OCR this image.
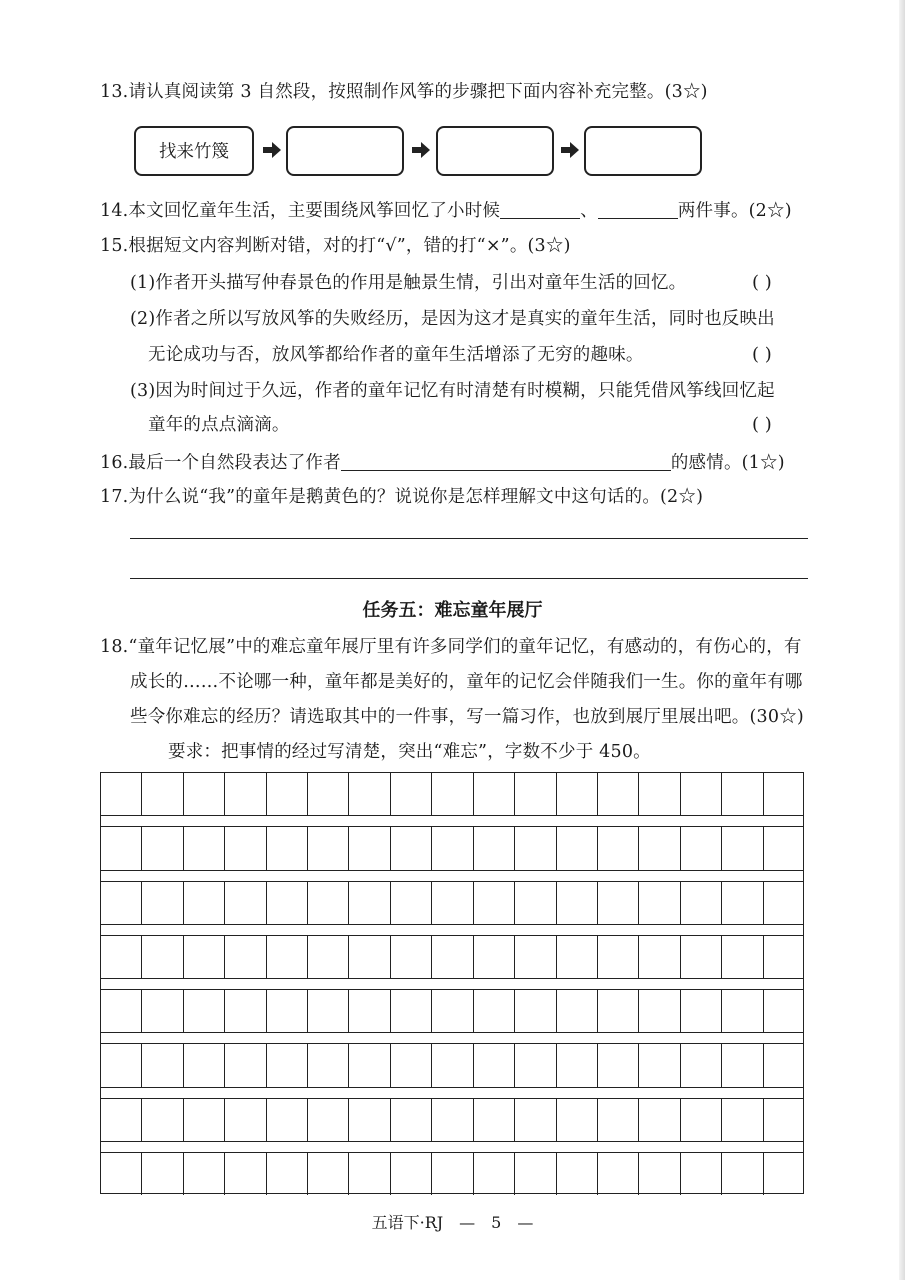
13.请认真阅读第 3 自然段，按照制作风筝的步骤把下面内容补充完整。(3☆)
找来竹篾
14.本文回忆童年生活，主要围绕风筝回忆了小时候	、	两件事。(2☆)
15.根据短文内容判断对错，对的打“√”，错的打“×”。(3☆)
(1)作者开头描写仲春景色的作用是触景生情，引出对童年生活的回忆。	( )
(2)作者之所以写放风筝的失败经历，是因为这才是真实的童年生活，同时也反映出
无论成功与否，放风筝都给作者的童年生活增添了无穷的趣味。	( )
(3)因为时间过于久远，作者的童年记忆有时清楚有时模糊，只能凭借风筝线回忆起
童年的点点滴滴。	( )
16.最后一个自然段表达了作者	的感情。(1☆)
17.为什么说“我”的童年是鹅黄色的？说说你是怎样理解文中这句话的。(2☆)
任务五：难忘童年展厅
18.“童年记忆展”中的难忘童年展厅里有许多同学们的童年记忆，有感动的，有伤心的，有
成长的……不论哪一种，童年都是美好的，童年的记忆会伴随我们一生。你的童年有哪
些令你难忘的经历？请选取其中的一件事，写一篇习作，也放到展厅里展出吧。(30☆)
要求：把事情的经过写清楚，突出“难忘”，字数不少于 450。
五语下·RJ　—　5　—
